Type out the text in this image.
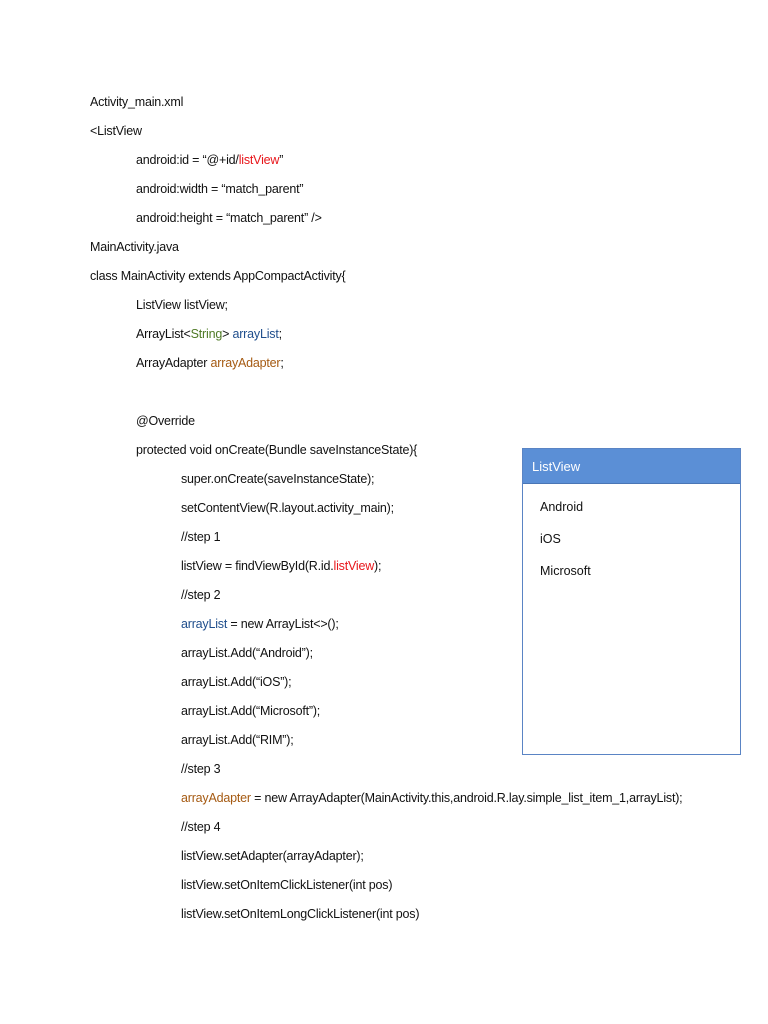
Activity_main.xml
<ListView
android:id = “@+id/listView”
android:width = “match_parent”
android:height = “match_parent” />
MainActivity.java
class MainActivity extends AppCompactActivity{
ListView listView;
ArrayList<String> arrayList;
ArrayAdapter arrayAdapter;
@Override
protected void onCreate(Bundle saveInstanceState){
super.onCreate(saveInstanceState);
setContentView(R.layout.activity_main);
//step 1
listView = findViewById(R.id.listView);
//step 2
arrayList = new ArrayList<>();
arrayList.Add(“Android”);
arrayList.Add(“iOS”);
arrayList.Add(“Microsoft”);
arrayList.Add(“RIM”);
//step 3
arrayAdapter = new ArrayAdapter(MainActivity.this,android.R.lay.simple_list_item_1,arrayList);
//step 4
listView.setAdapter(arrayAdapter);
listView.setOnItemClickListener(int pos)
listView.setOnItemLongClickListener(int pos)
ListView
Android
iOS
Microsoft
